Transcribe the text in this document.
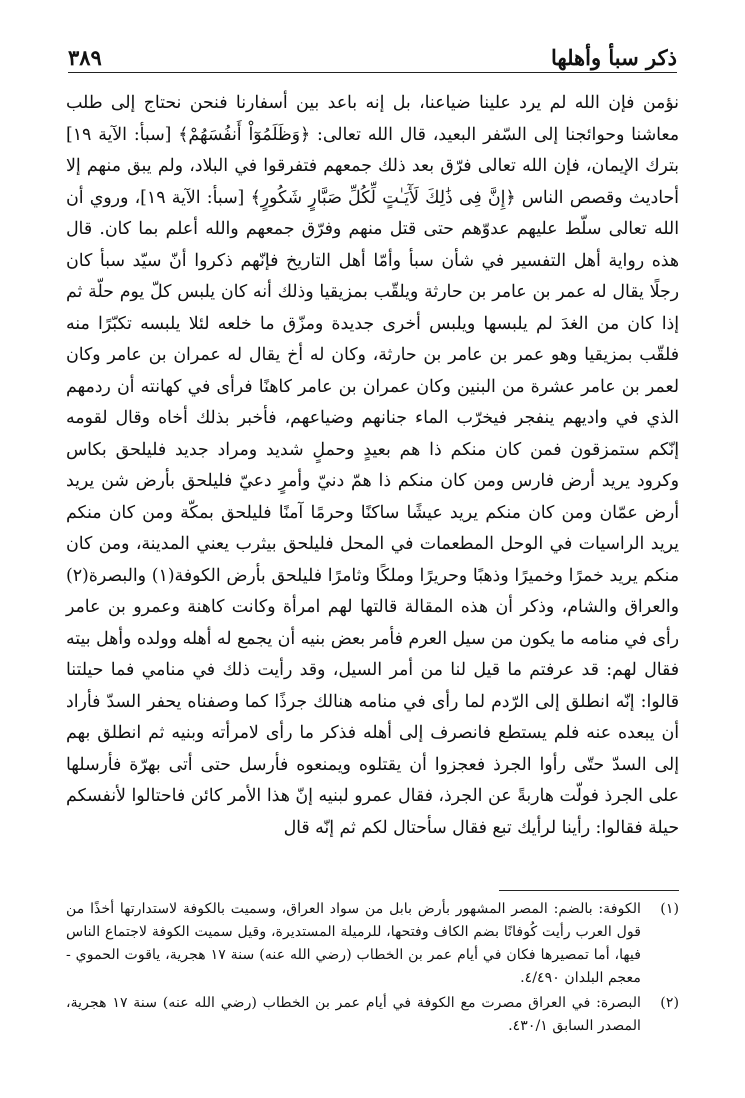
ذكر سبأ وأهلها
٣٨٩

نؤمن فإن الله لم يرد علينا ضياعنا، بل إنه باعد بين أسفارنا فنحن نحتاج إلى طلب معاشنا وحوائجنا إلى السّفر البعيد، قال الله تعالى: ﴿وَظَلَمُوٓاْ أَنفُسَهُمْ﴾ [سبأ: الآية ١٩] بترك الإيمان، فإن الله تعالى فرّق بعد ذلك جمعهم فتفرقوا في البلاد، ولم يبق منهم إلا أحاديث وقصص الناس ﴿إِنَّ فِى ذَٰلِكَ لَأٓيَـٰتٍ لِّكُلِّ صَبَّارٍ شَكُورٍ﴾ [سبأ: الآية ١٩]، وروي أن الله تعالى سلّط عليهم عدوّهم حتى قتل منهم وفرّق جمعهم والله أعلم بما كان. قال هذه رواية أهل التفسير في شأن سبأ وأمّا أهل التاريخ فإنّهم ذكروا أنّ سيّد سبأ كان رجلًا يقال له عمر بن عامر بن حارثة ويلقّب بمزيقيا وذلك أنه كان يلبس كلّ يوم حلّة ثم إذا كان من الغدَ لم يلبسها ويلبس أخرى جديدة ومزّق ما خلعه لئلا يلبسه تكبّرًا منه فلقّب بمزيقيا وهو عمر بن عامر بن حارثة، وكان له أخ يقال له عمران بن عامر وكان لعمر بن عامر عشرة من البنين وكان عمران بن عامر كاهنًا فرأى في كهانته أن ردمهم الذي في واديهم ينفجر فيخرّب الماء جنانهم وضياعهم، فأخبر بذلك أخاه وقال لقومه إنّكم ستمزقون فمن كان منكم ذا هم بعيدٍ وحملٍ شديد ومراد جديد فليلحق بكاس وكرود يريد أرض فارس ومن كان منكم ذا همّ دنيّ وأمرٍ دعيّ فليلحق بأرض شن يريد أرض عمّان ومن كان منكم يريد عيشًا ساكنًا وحرمًا آمنًا فليلحق بمكّة ومن كان منكم يريد الراسيات في الوحل المطعمات في المحل فليلحق بيثرب يعني المدينة، ومن كان منكم يريد خمرًا وخميرًا وذهبًا وحريرًا وملكًا وثامرًا فليلحق بأرض الكوفة(١) والبصرة(٢) والعراق والشام، وذكر أن هذه المقالة قالتها لهم امرأة وكانت كاهنة وعمرو بن عامر رأى في منامه ما يكون من سيل العرم فأمر بعض بنيه أن يجمع له أهله وولده وأهل بيته فقال لهم: قد عرفتم ما قيل لنا من أمر السيل، وقد رأيت ذلك في منامي فما حيلتنا قالوا: إنّه انطلق إلى الرّدم لما رأى في منامه هنالك جرذًا كما وصفناه يحفر السدّ فأراد أن يبعده عنه فلم يستطع فانصرف إلى أهله فذكر ما رأى لامرأته وبنيه ثم انطلق بهم إلى السدّ حتّى رأوا الجرذ فعجزوا أن يقتلوه ويمنعوه فأرسل حتى أتى بهرّة فأرسلها على الجرذ فولّت هاربةً عن الجرذ، فقال عمرو لبنيه إنّ هذا الأمر كائن فاحتالوا لأنفسكم حيلة فقالوا: رأينا لرأيك تبع فقال سأحتال لكم ثم إنّه قال

(١)
الكوفة: بالضم: المصر المشهور بأرض بابل من سواد العراق، وسميت بالكوفة لاستدارتها أخذًا من قول العرب رأيت كُوفانًا بضم الكاف وفتحها، للرميلة المستديرة، وقيل سميت الكوفة لاجتماع الناس فيها، أما تمصيرها فكان في أيام عمر بن الخطاب (رضي الله عنه) سنة ١٧ هجرية، ياقوت الحموي - معجم البلدان ٤/٤٩٠.
(٢)
البصرة: في العراق مصرت مع الكوفة في أيام عمر بن الخطاب (رضي الله عنه) سنة ١٧ هجرية، المصدر السابق ٤٣٠/١.
